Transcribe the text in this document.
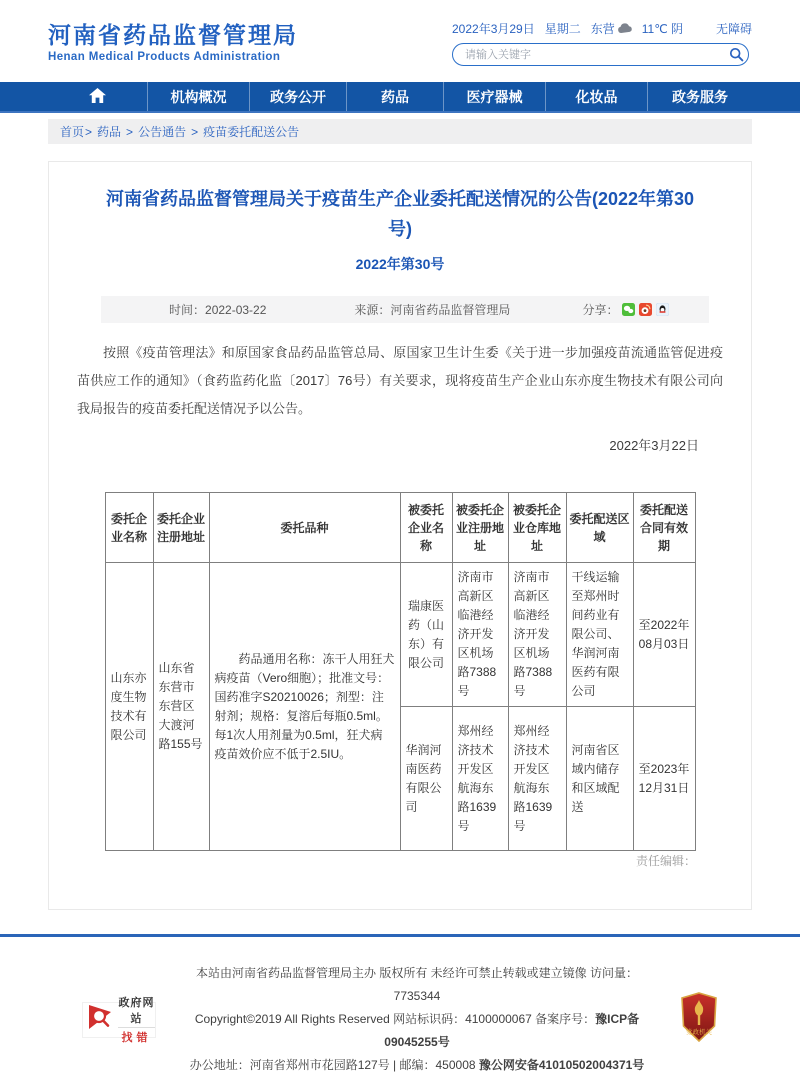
河南省药品监督管理局
Henan Medical Products Administration
2022年3月29日 星期二 东营 11℃ 阴	无障碍
请输入关键字
机构概况	政务公开	药品	医疗器械	化妆品	政务服务
首页 > 药品 > 公告通告 > 疫苗委托配送公告
河南省药品监督管理局关于疫苗生产企业委托配送情况的公告(2022年第30号)
2022年第30号
时间：2022-03-22	来源：河南省药品监督管理局	分享：
按照《疫苗管理法》和原国家食品药品监管总局、原国家卫生计生委《关于进一步加强疫苗流通监管促进疫苗供应工作的通知》（食药监药化监〔2017〕76号）有关要求，现将疫苗生产企业山东亦度生物技术有限公司向我局报告的疫苗委托配送情况予以公告。
2022年3月22日
委托企业名称	委托企业注册地址	委托品种	被委托企业名称	被委托企业注册地址	被委托企业仓库地址	委托配送区域	委托配送合同有效期
山东亦度生物技术有限公司	山东省东营市东营区大渡河路155号	药品通用名称：冻干人用狂犬病疫苗（Vero细胞）；批准文号：国药准字S20210026；剂型：注射剂；规格：复溶后每瓶0.5ml。每1次人用剂量为0.5ml，狂犬病疫苗效价应不低于2.5IU。	瑞康医药（山东）有限公司	济南市高新区临港经济开发区机场路7388号	济南市高新区临港经济开发区机场路7388号	干线运输至郑州时间药业有限公司、华润河南医药有限公司	至2022年08月03日
			华润河南医药有限公司	郑州经济技术开发区航海东路1639号	郑州经济技术开发区航海东路1639号	河南省区域内储存和区域配送	至2023年12月31日
责任编辑：
政府网站
找错
本站由河南省药品监督管理局主办 版权所有 未经许可禁止转载或建立镜像 访问量：7735344
Copyright©2019 All Rights Reserved 网站标识码：4100000067 备案序号：豫ICP备09045255号
办公地址：河南省郑州市花园路127号 | 邮编：450008 豫公网安备41010502004371号
党政机关
